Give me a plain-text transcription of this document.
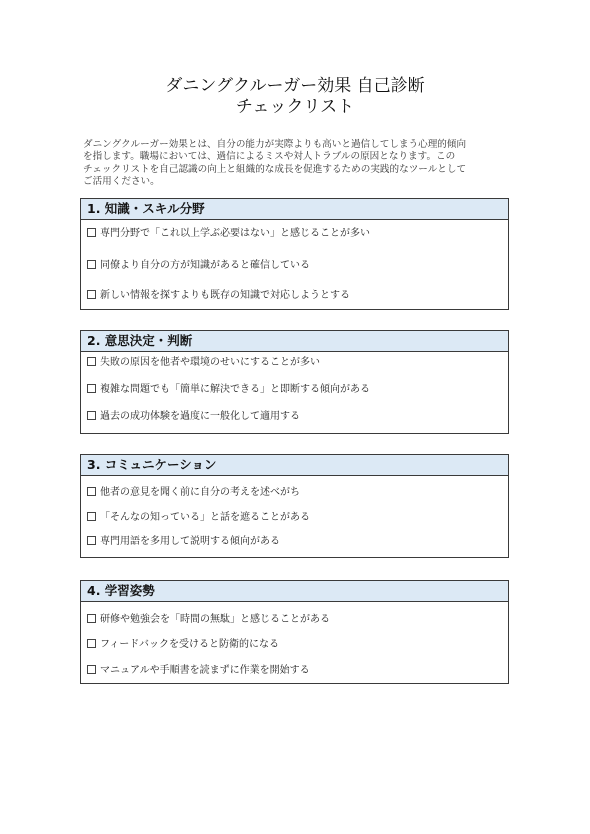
ダニングクルーガー効果 自己診断
チェックリスト
ダニングクルーガー効果とは、自分の能力が実際よりも高いと過信してしまう心理的傾向
を指します。職場においては、過信によるミスや対人トラブルの原因となります。この
チェックリストを自己認識の向上と組織的な成長を促進するための実践的なツールとして
ご活用ください。
1. 知識・スキル分野
専門分野で「これ以上学ぶ必要はない」と感じることが多い
同僚より自分の方が知識があると確信している
新しい情報を探すよりも既存の知識で対応しようとする
2. 意思決定・判断
失敗の原因を他者や環境のせいにすることが多い
複雑な問題でも「簡単に解決できる」と即断する傾向がある
過去の成功体験を過度に一般化して適用する
3. コミュニケーション
他者の意見を聞く前に自分の考えを述べがち
「そんなの知っている」と話を遮ることがある
専門用語を多用して説明する傾向がある
4. 学習姿勢
研修や勉強会を「時間の無駄」と感じることがある
フィードバックを受けると防衛的になる
マニュアルや手順書を読まずに作業を開始する
